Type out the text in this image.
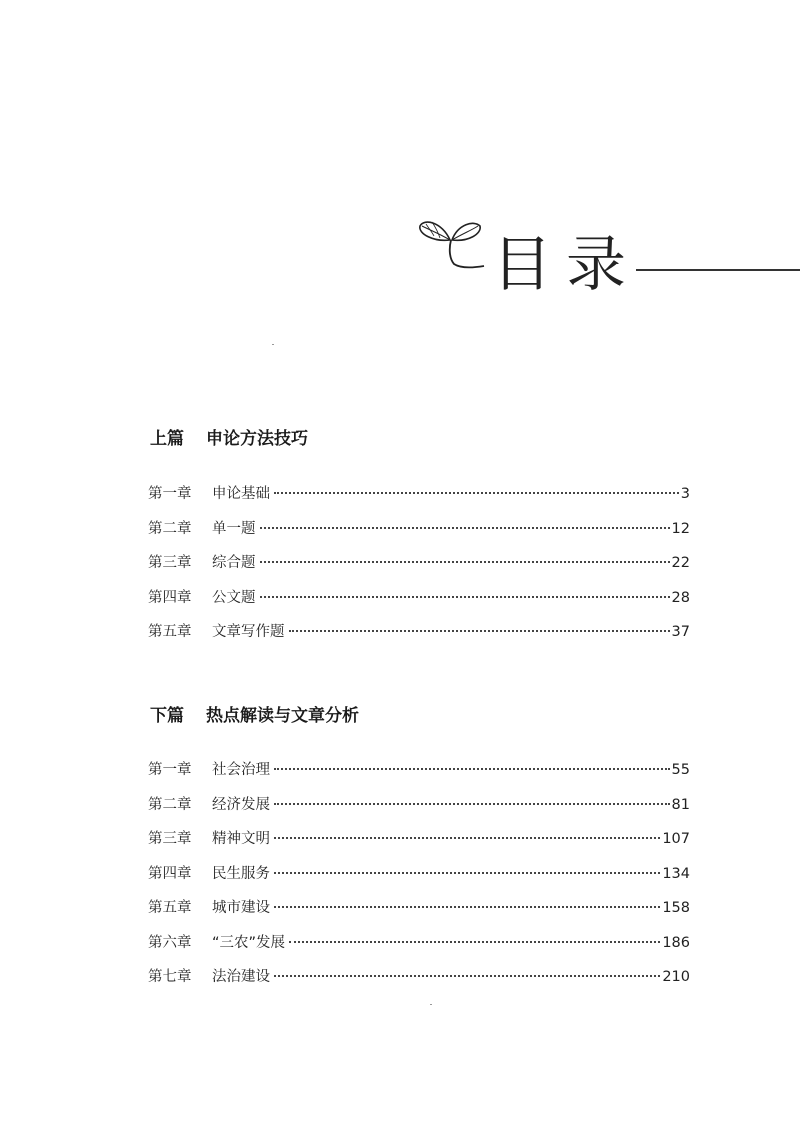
目录
上篇 申论方法技巧
第一章	申论基础	3
第二章	单一题	12
第三章	综合题	22
第四章	公文题	28
第五章	文章写作题	37
下篇 热点解读与文章分析
第一章	社会治理	55
第二章	经济发展	81
第三章	精神文明	107
第四章	民生服务	134
第五章	城市建设	158
第六章	“三农”发展	186
第七章	法治建设	210
